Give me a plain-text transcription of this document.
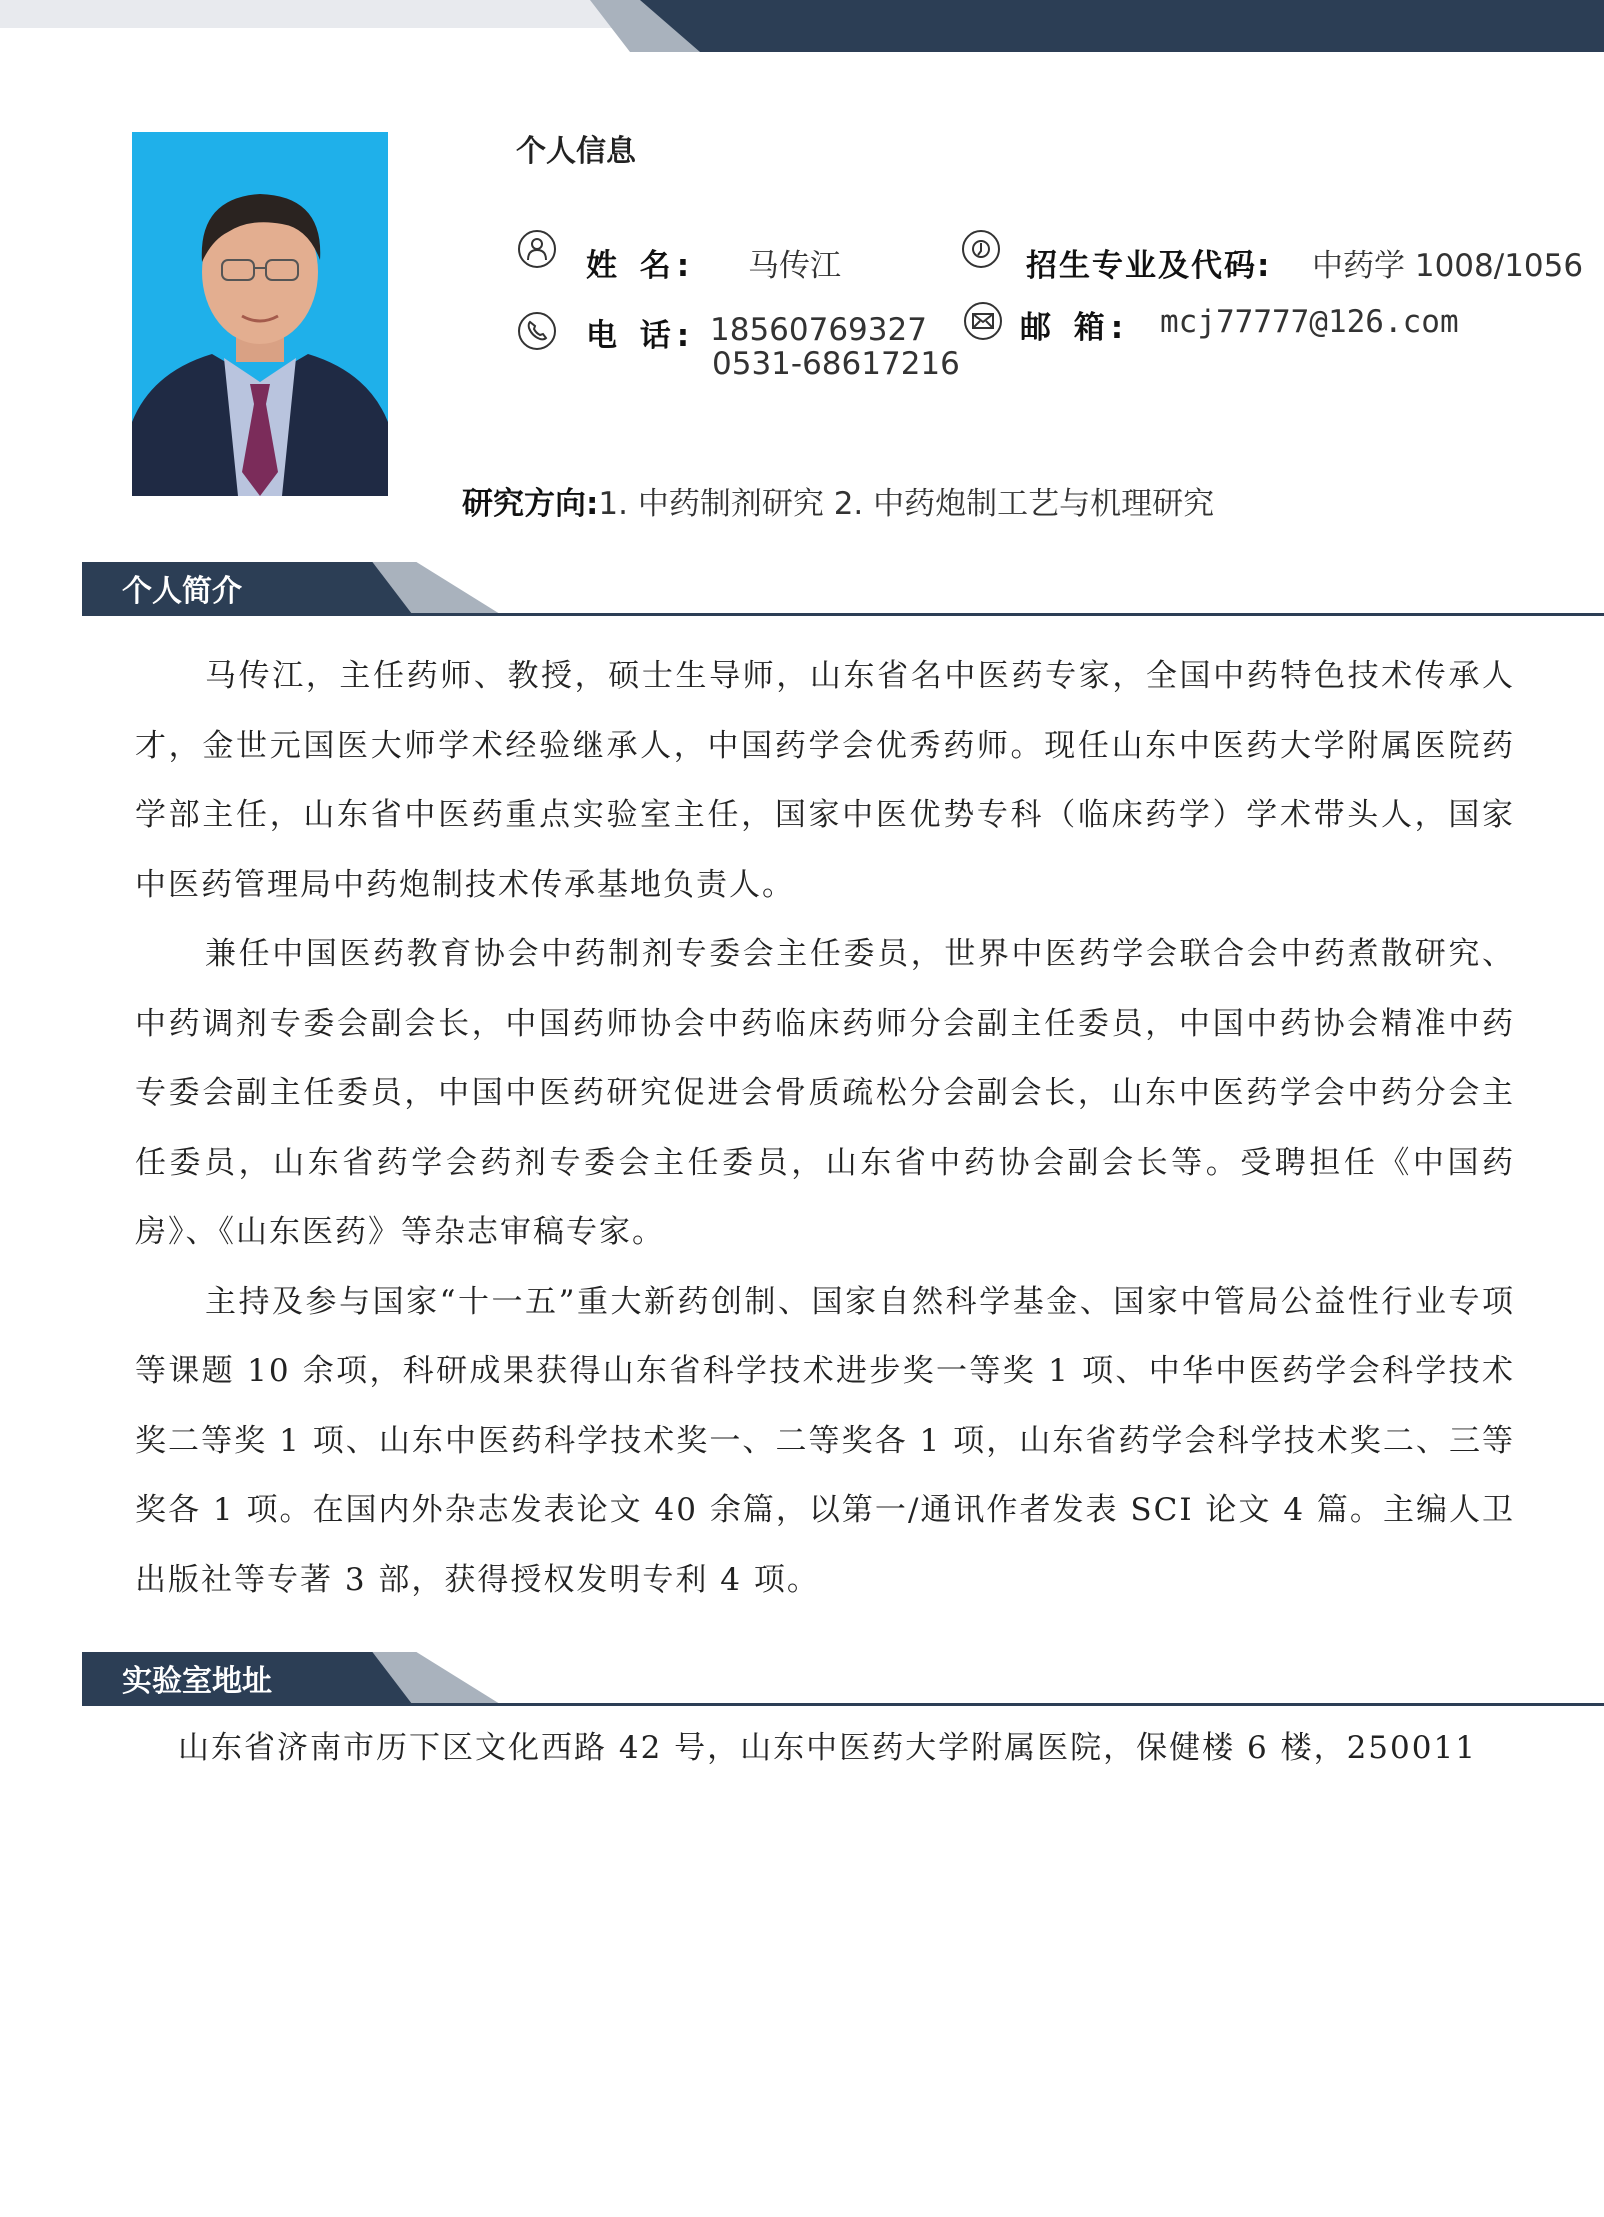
个人信息
姓 名: 马传江	招生专业及代码: 中药学 1008/1056
电 话: 18560769327
0531-68617216
邮 箱: mcj77777@126.com
研究方向:1. 中药制剂研究 2. 中药炮制工艺与机理研究
个人简介

马传江，主任药师、教授，硕士生导师，山东省名中医药专家，全国中药特色技术传承人才，金世元国医大师学术经验继承人，中国药学会优秀药师。现任山东中医药大学附属医院药学部主任，山东省中医药重点实验室主任，国家中医优势专科（临床药学）学术带头人，国家中医药管理局中药炮制技术传承基地负责人。

兼任中国医药教育协会中药制剂专委会主任委员，世界中医药学会联合会中药煮散研究、中药调剂专委会副会长，中国药师协会中药临床药师分会副主任委员，中国中药协会精准中药专委会副主任委员，中国中医药研究促进会骨质疏松分会副会长，山东中医药学会中药分会主任委员，山东省药学会药剂专委会主任委员，山东省中药协会副会长等。受聘担任《中国药房》、《山东医药》等杂志审稿专家。

主持及参与国家“十一五”重大新药创制、国家自然科学基金、国家中管局公益性行业专项等课题 10 余项，科研成果获得山东省科学技术进步奖一等奖 1 项、中华中医药学会科学技术奖二等奖 1 项、山东中医药科学技术奖一、二等奖各 1 项，山东省药学会科学技术奖二、三等奖各 1 项。在国内外杂志发表论文 40 余篇，以第一/通讯作者发表 SCI 论文 4 篇。主编人卫出版社等专著 3 部，获得授权发明专利 4 项。

实验室地址
山东省济南市历下区文化西路 42 号，山东中医药大学附属医院，保健楼 6 楼，250011
